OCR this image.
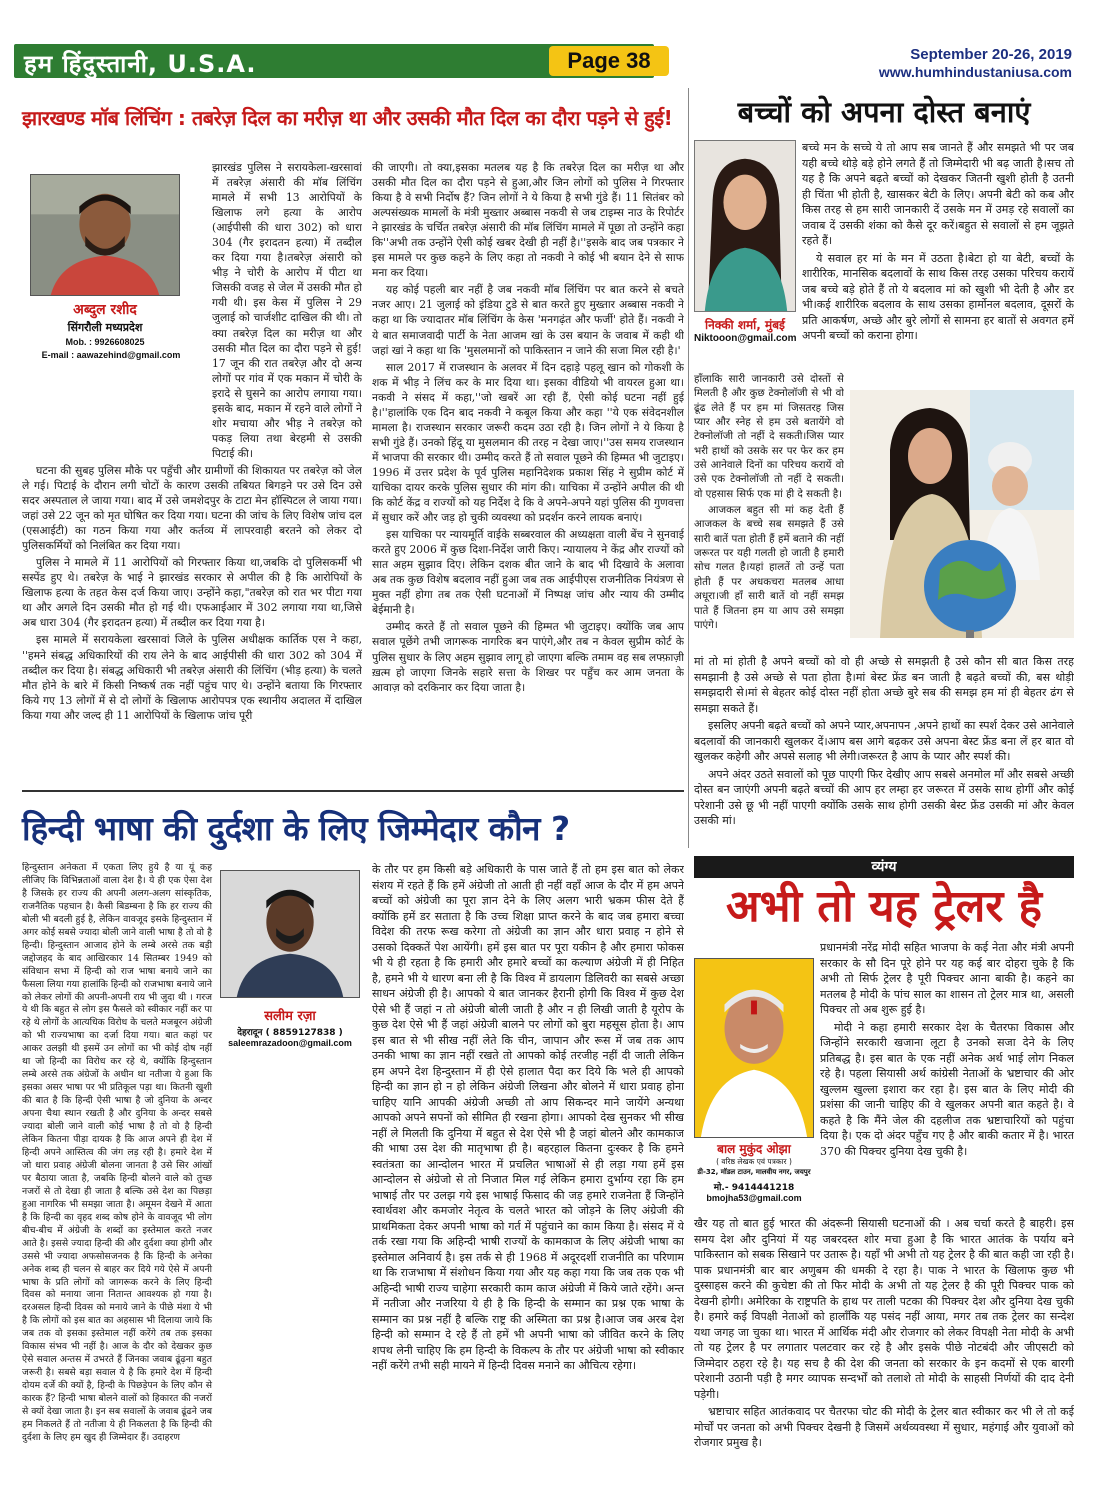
हम हिंदुस्तानी, U.S.A.	Page 38	September 20-26, 2019
www.humhindustaniusa.com
झारखण्ड मॉब लिंचिंग : तबरेज़ दिल का मरीज़ था और उसकी मौत दिल का दौरा पड़ने से हुई!
अब्दुल रशीद
सिंगरौली मध्यप्रदेश
Mob. : 9926608025
E-mail : aawazehind@gmail.com

झारखंड पुलिस ने सरायकेला-खरसावां में तबरेज़ अंसारी की मॉब लिंचिंग मामले में सभी 13 आरोपियों के खिलाफ लगे हत्या के आरोप (आईपीसी की धारा 302) को धारा 304 (गैर इरादतन हत्या) में तब्दील कर दिया गया है।तबरेज़ अंसारी को भीड़ ने चोरी के आरोप में पीटा था जिसकी वजह से जेल में उसकी मौत हो गयी थी। इस केस में पुलिस ने 29 जुलाई को चार्जशीट दाखिल की थी। तो क्या तबरेज़ दिल का मरीज़ था और उसकी मौत दिल का दौरा पड़ने से हुई! 17 जून की रात तबरेज़ और दो अन्य लोगों पर गांव में एक मकान में चोरी के इरादे से घुसने का आरोप लगाया गया। इसके बाद, मकान में रहने वाले लोगों ने शोर मचाया और भीड़ ने तबरेज़ को पकड़ लिया तथा बेरहमी से उसकी पिटाई की।

घटना की सुबह पुलिस मौके पर पहुँची और ग्रामीणों की शिकायत पर तबरेज़ को जेल ले गई। पिटाई के दौरान लगी चोटों के कारण उसकी तबियत बिगड़ने पर उसे दिन उसे सदर अस्पताल ले जाया गया। बाद में उसे जमशेदपुर के टाटा मेन हॉस्पिटल ले जाया गया।जहां उसे 22 जून को मृत घोषित कर दिया गया। घटना की जांच के लिए विशेष जांच दल (एसआईटी) का गठन किया गया और कर्तव्य में लापरवाही बरतने को लेकर दो पुलिसकर्मियों को निलंबित कर दिया गया।

पुलिस ने मामले में 11 आरोपियों को गिरफ्तार किया था,जबकि दो पुलिसकर्मी भी सस्पेंड हुए थे। तबरेज़ के भाई ने झारखंड सरकार से अपील की है कि आरोपियों के खिलाफ हत्या के तहत केस दर्ज किया जाए। उन्होंने कहा,"तबरेज़ को रात भर पीटा गया था और अगले दिन उसकी मौत हो गई थी। एफआईआर में 302 लगाया गया था,जिसे अब धारा 304 (गैर इरादतन हत्या) में तब्दील कर दिया गया है।

इस मामले में सरायकेला खरसावां जिले के पुलिस अधीक्षक कार्तिक एस ने कहा, ''हमने संबद्ध अधिकारियों की राय लेने के बाद आईपीसी की धारा 302 को 304 में तब्दील कर दिया है। संबद्ध अधिकारी भी तबरेज़ अंसारी की लिंचिंग (भीड़ हत्या) के चलते मौत होने के बारे में किसी निष्कर्ष तक नहीं पहुंच पाए थे। उन्होंने बताया कि गिरफ्तार किये गए 13 लोगों में से दो लोगों के खिलाफ आरोपपत्र एक स्थानीय अदालत में दाखिल किया गया और जल्द ही 11 आरोपियों के खिलाफ जांच पूरी

की जाएगी। तो क्या,इसका मतलब यह है कि तबरेज़ दिल का मरीज़ था और उसकी मौत दिल का दौरा पड़ने से हुआ,और जिन लोगों को पुलिस ने गिरफ्तार किया है वे सभी निर्दोष हैं? जिन लोगों ने ये किया है सभी गुंडे हैं। 11 सितंबर को अल्पसंख्यक मामलों के मंत्री मुख्तार अब्बास नकवी से जब टाइम्स नाउ के रिपोर्टर ने झारखंड के चर्चित तबरेज़ अंसारी की मॉब लिंचिंग मामले में पूछा तो उन्होंने कहा कि''अभी तक उन्होंने ऐसी कोई खबर देखी ही नहीं है।''इसके बाद जब पत्रकार ने इस मामले पर कुछ कहने के लिए कहा तो नकवी ने कोई भी बयान देने से साफ मना कर दिया।

यह कोई पहली बार नहीं है जब नकवी मॉब लिंचिंग पर बात करने से बचते नजर आए। 21 जुलाई को इंडिया टुडे से बात करते हुए मुख्तार अब्बास नकवी ने कहा था कि ज्यादातर मॉब लिंचिंग के केस 'मनगढ़ंत और फर्जी' होते हैं। नकवी ने ये बात समाजवादी पार्टी के नेता आजम खां के उस बयान के जवाब में कही थी जहां खां ने कहा था कि 'मुसलमानों को पाकिस्तान न जाने की सजा मिल रही है।'

साल 2017 में राजस्थान के अलवर में दिन दहाड़े पहलू खान को गोकशी के शक में भीड़ ने लिंच कर के मार दिया था। इसका वीडियो भी वायरल हुआ था। नकवी ने संसद में कहा,''जो खबरें आ रही हैं, ऐसी कोई घटना नहीं हुई है।''हालांकि एक दिन बाद नकवी ने कबूल किया और कहा ''ये एक संवेदनशील मामला है। राजस्थान सरकार जरूरी कदम उठा रही है। जिन लोगों ने ये किया है सभी गुंडे हैं। उनको हिंदू या मुसलमान की तरह न देखा जाए।''उस समय राजस्थान में भाजपा की सरकार थी। उम्मीद करते हैं तो सवाल पूछने की हिम्मत भी जुटाइए। 1996 में उत्तर प्रदेश के पूर्व पुलिस महानिदेशक प्रकाश सिंह ने सुप्रीम कोर्ट में याचिका दायर करके पुलिस सुधार की मांग की। याचिका में उन्होंने अपील की थी कि कोर्ट केंद्र व राज्यों को यह निर्देश दे कि वे अपने-अपने यहां पुलिस की गुणवत्ता में सुधार करें और जड़ हो चुकी व्यवस्था को प्रदर्शन करने लायक बनाएं।

इस याचिका पर न्यायमूर्ति वाईके सब्बरवाल की अध्यक्षता वाली बेंच ने सुनवाई करते हुए 2006 में कुछ दिशा-निर्देश जारी किए। न्यायालय ने केंद्र और राज्यों को सात अहम सुझाव दिए। लेकिन दशक बीत जाने के बाद भी दिखावे के अलावा अब तक कुछ विशेष बदलाव नहीं हुआ जब तक आईपीएस राजनीतिक नियंत्रण से मुक्त नहीं होगा तब तक ऐसी घटनाओं में निष्पक्ष जांच और न्याय की उम्मीद बेईमानी है।

उम्मीद करते हैं तो सवाल पूछने की हिम्मत भी जुटाइए। क्योंकि जब आप सवाल पूछेंगे तभी जागरूक नागरिक बन पाएंगे,और तब न केवल सुप्रीम कोर्ट के पुलिस सुधार के लिए अहम सुझाव लागू हो जाएगा बल्कि तमाम वह सब लफ्फ़ाज़ी ख़त्म हो जाएगा जिनके सहारे सत्ता के शिखर पर पहुँच कर आम जनता के आवाज़ को दरकिनार कर दिया जाता है।

बच्चों को अपना दोस्त बनाएं
निक्की शर्मा, मुंबई
Niktooon@gmail.com

बच्चे मन के सच्चे ये तो आप सब जानते हैं और समझते भी पर जब यही बच्चे थोड़े बड़े होने लगते हैं तो जिम्मेदारी भी बढ़ जाती है।सच तो यह है कि अपने बढ़ते बच्चों को देखकर जितनी खुशी होती है उतनी ही चिंता भी होती है, खासकर बेटी के लिए। अपनी बेटी को कब और किस तरह से हम सारी जानकारी दें उसके मन में उमड़ रहे सवालों का जवाब दें उसकी शंका को कैसे दूर करें।बहुत से सवालों से हम जूझते रहते हैं।

ये सवाल हर मां के मन में उठता है।बेटा हो या बेटी, बच्चों के शारीरिक, मानसिक बदलावों के साथ किस तरह उसका परिचय करायें जब बच्चे बड़े होते हैं तो ये बदलाव मां को खुशी भी देती है और डर भी।कई शारीरिक बदलाव के साथ उसका हार्मोनल बदलाव, दूसरों के प्रति आकर्षण, अच्छे और बुरे लोगों से सामना हर बातों से अवगत हमें अपनी बच्चों को कराना होगा।

हाँलाकि सारी जानकारी उसे दोस्तों से मिलती है और कुछ टेक्नोलॉजी से भी वो ढूंढ लेते हैं पर हम मां जिसतरह जिस प्यार और स्नेह से हम उसे बतायेंगे वो टेक्नोलॉजी तो नहीं दे सकती।जिस प्यार भरी हाथों को उसके सर पर फेर कर हम उसे आनेवाले दिनों का परिचय करायें वो उसे एक टेक्नोलॉजी तो नहीं दे सकती। वो एहसास सिर्फ एक मां ही दे सकती है।

आजकल बहुत सी मां कह देती हैं आजकल के बच्चे सब समझते हैं उसे सारी बातें पता होती हैं हमें बताने की नहीं जरूरत पर यही गलती हो जाती है हमारी सोच गलत है।यहां हालतें तो उन्हें पता होती हैं पर अधकचरा मतलब आधा अधूरा।जी हाँ सारी बातें वो नहीं समझ पाते हैं जितना हम या आप उसे समझा पाएंगे।

मां तो मां होती है अपने बच्चों को वो ही अच्छे से समझती है उसे कौन सी बात किस तरह समझानी है उसे अच्छे से पता होता है।मां बेस्ट फ्रेंड बन जाती है बढ़ते बच्चों की, बस थोड़ी समझदारी से।मां से बेहतर कोई दोस्त नहीं होता अच्छे बुरे सब की समझ हम मां ही बेहतर ढंग से समझा सकते हैं।

इसलिए अपनी बढ़ते बच्चों को अपने प्यार,अपनापन ,अपने हाथों का स्पर्श देकर उसे आनेवाले बदलावों की जानकारी खुलकर दें।आप बस आगे बढ़कर उसे अपना बेस्ट फ्रेंड बना लें हर बात वो खुलकर कहेगी और अपसे सलाह भी लेगी।जरूरत है आप के प्यार और स्पर्श की।

अपने अंदर उठते सवालों को पूछ पाएगी फिर देखीए आप सबसे अनमोल माँ और सबसे अच्छी दोस्त बन जाएंगी अपनी बढ़ते बच्चों की आप हर लम्हा हर जरूरत में उसके साथ होगीं और कोई परेशानी उसे छू भी नहीं पाएगी क्योंकि उसके साथ होगी उसकी बेस्ट फ्रेंड उसकी मां और केवल उसकी मां।

हिन्दी भाषा की दुर्दशा के लिए जिम्मेदार कौन ?
सलीम रज़ा
देहरादून ( 8859127838 )
saleemrazadoon@gmail.com

हिन्दुस्तान अनेकता में एकता लिए हुये है या यूं कह लीजिए कि विभिन्नताओं वाला देश है। ये ही एक ऐसा देश है जिसके हर राज्य की अपनी अलग-अलग सांस्कृतिक, राजनैतिक पहचान है। कैसी बिडम्बना है कि हर राज्य की बोली भी बदली हुई है, लेकिन वावजूद इसके हिन्दुस्तान में अगर कोई सबसे ज्यादा बोली जाने वाली भाषा है तो वो है हिन्दी। हिन्दुस्तान आजाद होने के लम्बे अरसे तक बड़ी जद्दोजहद के बाद आखिरकार 14 सितम्बर 1949 को संविधान सभा में हिन्दी को राज भाषा बनाये जाने का फैसला लिया गया हालांकि हिन्दी को राजभाषा बनाये जाने को लेकर लोगों की अपनी-अपनी राय भी जुदा थी । गरज ये थी कि बहुत से लोग इस फैसले को स्वीकार नहीं कर पा रहे थे लोगों के आत्यधिक विरोध के चलते मजबूरन अंग्रेजी को भी राज्यभाषा का दर्जा दिया गया। बात कहां पर आकर उलझी थी इसमें उन लोगों का भी कोई दोष नहीं था जो हिन्दी का विरोध कर रहे थे, क्योंकि हिन्दुस्तान लम्बे अरसे तक अंग्रेजों के अधीन था नतीजा ये हुआ कि इसका असर भाषा पर भी प्रतिकूल पड़ा था। कितनी खुशी की बात है कि हिन्दी ऐसी भाषा है जो दुनिया के अन्दर अपना चैथा स्थान रखती है और दुनिया के अन्दर सबसे ज्यादा बोली जाने वाली कोई भाषा है तो वो है हिन्दी लेकिन कितना पीड़ा दायक है कि आज अपने ही देश में हिन्दी अपने आस्तित्व की जंग लड़ रही है। हमारे देश में जो धारा प्रवाह अंग्रेजी बोलना जानता है उसे सिर आंखों पर बैठाया जाता है, जबकि हिन्दी बोलने वाले को तुच्छ नजरों से तो देखा ही जाता है बल्कि उसे देश का पिछड़ा हुआ नागरिक भी समझा जाता है। अमूमन देखने में आता है कि हिन्दी का वृहद शब्द कोष होने के वावजूद भी लोग बीच-बीच में अंग्रेजी के शब्दों का इस्तेमाल करते नजर आते है। इससे ज्यादा हिन्दी की और दुर्दशा क्या होगी और उससे भी ज्यादा अफसोसजनक है कि हिन्दी के अनेका अनेक शब्द ही चलन से बाहर कर दिये गये ऐसे में अपनी भाषा के प्रति लोगों को जागरूक करने के लिए हिन्दी दिवस को मनाया जाना नितान्त आवश्यक हो गया है। दरअसल हिन्दी दिवस को मनाये जाने के पीछे मंशा ये भी है कि लोगों को इस बात का अहसास भी दिलाया जाये कि जब तक वो इसका इस्तेमाल नहीं करेंगे तब तक इसका विकास संभव भी नहीं है। आज के दौर को देखकर कुछ ऐसे सवाल अन्तस में उभरते हैं जिनका जवाब ढूंढ़ना बहुत जरूरी है। सबसे बड़ा सवाल ये है कि हमारे देश में हिन्दी दोयम दर्जे की क्यों है, हिन्दी के पिछड़ेपन के लिए कौन से कारक हैं? हिन्दी भाषा बोलने वालों को हिकारत की नजरों से क्यों देखा जाता है। इन सब सवालों के जवाब ढूंढने जब हम निकलते हैं तो नतीजा ये ही निकलता है कि हिन्दी की दुर्दशा के लिए हम खुद ही जिम्मेदार हैं। उदाहरण

के तौर पर हम किसी बड़े अधिकारी के पास जाते हैं तो हम इस बात को लेकर संशय में रहते हैं कि हमें अंग्रेजी तो आती ही नहीं वहाँ आज के दौर में हम अपने बच्चों को अंग्रेजी का पूरा ज्ञान देने के लिए अलग भारी भ्रकम फीस देते हैं क्योंकि हमें डर सताता है कि उच्च शिक्षा प्राप्त करने के बाद जब हमारा बच्चा विदेश की तरफ रूख करेगा तो अंग्रेजी का ज्ञान और धारा प्रवाह न होने से उसको दिक्कतें पेश आयेंगी। हमें इस बात पर पूरा यकीन है और हमारा फोकस भी ये ही रहता है कि हमारी और हमारे बच्चों का कल्याण अंग्रेजी में ही निहित है, हमने भी ये धारण बना ली है कि विश्व में डायलाग डिलिवरी का सबसे अच्छा साधन अंग्रेजी ही है। आपको ये बात जानकर हैरानी होगी कि विश्व में कुछ देश ऐसे भी हैं जहां न तो अंग्रेजी बोली जाती है और न ही लिखी जाती है यूरोप के कुछ देश ऐसे भी हैं जहां अंग्रेजी बालने पर लोगों को बुरा महसूस होता है। आप इस बात से भी सीख नहीं लेते कि चीन, जापान और रूस में जब तक आप उनकी भाषा का ज्ञान नहीं रखते तो आपको कोई तरजीह नहीं दी जाती लेकिन हम अपने देश हिन्दुस्तान में ही ऐसे हालात पैदा कर दिये कि भले ही आपको हिन्दी का ज्ञान हो न हो लेकिन अंग्रेजी लिखना और बोलने में धारा प्रवाह होना चाहिए यानि आपकी अंग्रेजी अच्छी तो आप सिकन्दर माने जायेंगे अन्यथा आपको अपने सपनों को सीमित ही रखना होगा। आपको देख सुनकर भी सीख नहीं ले मिलती कि दुनिया में बहुत से देश ऐसे भी है जहां बोलने और कामकाज की भाषा उस देश की मातृभाषा ही है। बहरहाल कितना दुःस्कर है कि हमने स्वतंत्रता का आन्दोलन भारत में प्रचलित भाषाओं से ही लड़ा गया हमें इस आन्दोलन से अंग्रेजो से तो निजात मिल गई लेकिन हमारा दुर्भाग्य रहा कि हम भाषाई तौर पर उलझ गये इस भाषाई फिसाद की जड़ हमारे राजनेता हैं जिन्होंने स्वार्थवश और कमजोर नेतृत्व के चलते भारत को जोड़ने के लिए अंग्रेजी की प्राथमिकता देकर अपनी भाषा को गर्त में पहुंचाने का काम किया है। संसद में ये तर्क रखा गया कि अहिन्दी भाषी राज्यों के कामकाज के लिए अंग्रेजी भाषा का इस्तेमाल अनिवार्य है। इस तर्क से ही 1968 में अदूरदर्शी राजनीति का परिणाम था कि राजभाषा में संशोधन किया गया और यह कहा गया कि जब तक एक भी अहिन्दी भाषी राज्य चाहेगा सरकारी काम काज अंग्रेजी में किये जाते रहेंगे। अन्त में नतीजा और नजरिया ये ही है कि हिन्दी के सम्मान का प्रश्न एक भाषा के सम्मान का प्रश्न नहीं है बल्कि राष्ट्र की अस्मिता का प्रश्न है।आज जब अरब देश हिन्दी को सम्मान दे रहे हैं तो हमें भी अपनी भाषा को जीवित करने के लिए शपथ लेनी चाहिए कि हम हिन्दी के विकल्प के तौर पर अंग्रेजी भाषा को स्वीकार नहीं करेंगे तभी सही मायने में हिन्दी दिवस मनाने का औचित्य रहेगा।

व्यंग्य
अभी तो यह ट्रेलर है
बाल मुकुंद ओझा
( वरिष्ठ लेखक एवं पत्रकार )
डी-32, मॉडल टाउन, मालवीय नगर, जयपुर
मो.- 9414441218
bmojha53@gmail.com

प्रधानमंत्री नरेंद्र मोदी सहित भाजपा के कई नेता और मंत्री अपनी सरकार के सौ दिन पूरे होने पर यह कई बार दोहरा चुके है कि अभी तो सिर्फ ट्रेलर है पूरी पिक्चर आना बाकी है। कहने का मतलब है मोदी के पांच साल का शासन तो ट्रेलर मात्र था, असली पिक्चर तो अब शुरू हुई है।

मोदी ने कहा हमारी सरकार देश के चैतरफा विकास और जिन्होंने सरकारी खजाना लूटा है उनको सजा देने के लिए प्रतिबद्ध है। इस बात के एक नहीं अनेक अर्थ भाई लोग निकल रहे है। पहला सियासी अर्थ कांग्रेसी नेताओं के भ्रष्टाचार की ओर खुल्लम खुल्ला इशारा कर रहा है। इस बात के लिए मोदी की प्रशंसा की जानी चाहिए की वे खुलकर अपनी बात कहते है। वे कहते है कि मैंने जेल की दहलीज तक भ्रष्टाचारियों को पहुंचा दिया है। एक दो अंदर पहुँच गए है और बाकी कतार में है। भारत 370 की पिक्चर दुनिया देख चुकी है।

खैर यह तो बात हुई भारत की अंदरूनी सियासी घटनाओं की । अब चर्चा करते है बाहरी। इस समय देश और दुनियां में यह जबरदस्त शोर मचा हुआ है कि भारत आतंक के पर्याय बने पाकिस्तान को सबक सिखाने पर उतारू है। यहाँ भी अभी तो यह ट्रेलर है की बात कही जा रही है। पाक प्रधानमंत्री बार बार अणुबम की धमकी दे रहा है। पाक ने भारत के खिलाफ कुछ भी दुस्साहस करने की कुचेष्टा की तो फिर मोदी के अभी तो यह ट्रेलर है की पूरी पिक्चर पाक को देखनी होगी। अमेरिका के राष्ट्रपति के हाथ पर ताली पटका की पिक्चर देश और दुनिया देख चुकी है। हमारे कई विपक्षी नेताओं को हालाँकि यह पसंद नहीं आया, मगर तब तक ट्रेलर का सन्देश यथा जगह जा चुका था। भारत में आर्थिक मंदी और रोजगार को लेकर विपक्षी नेता मोदी के अभी तो यह ट्रेलर है पर लगातार पलटवार कर रहे है और इसके पीछे नोटबंदी और जीएसटी को जिम्मेदार ठहरा रहे है। यह सच है की देश की जनता को सरकार के इन कदमों से एक बारगी परेशानी उठानी पड़ी है मगर व्यापक सन्दर्भों को तलाशे तो मोदी के साहसी निर्णयों की दाद देनी पड़ेगी।

भ्रष्टाचार सहित आतंकवाद पर चैतरफा चोट की मोदी के ट्रेलर बात स्वीकार कर भी ले तो कई मोर्चों पर जनता को अभी पिक्चर देखनी है जिसमें अर्थव्यवस्था में सुधार, महंगाई और युवाओं को रोजगार प्रमुख है।
